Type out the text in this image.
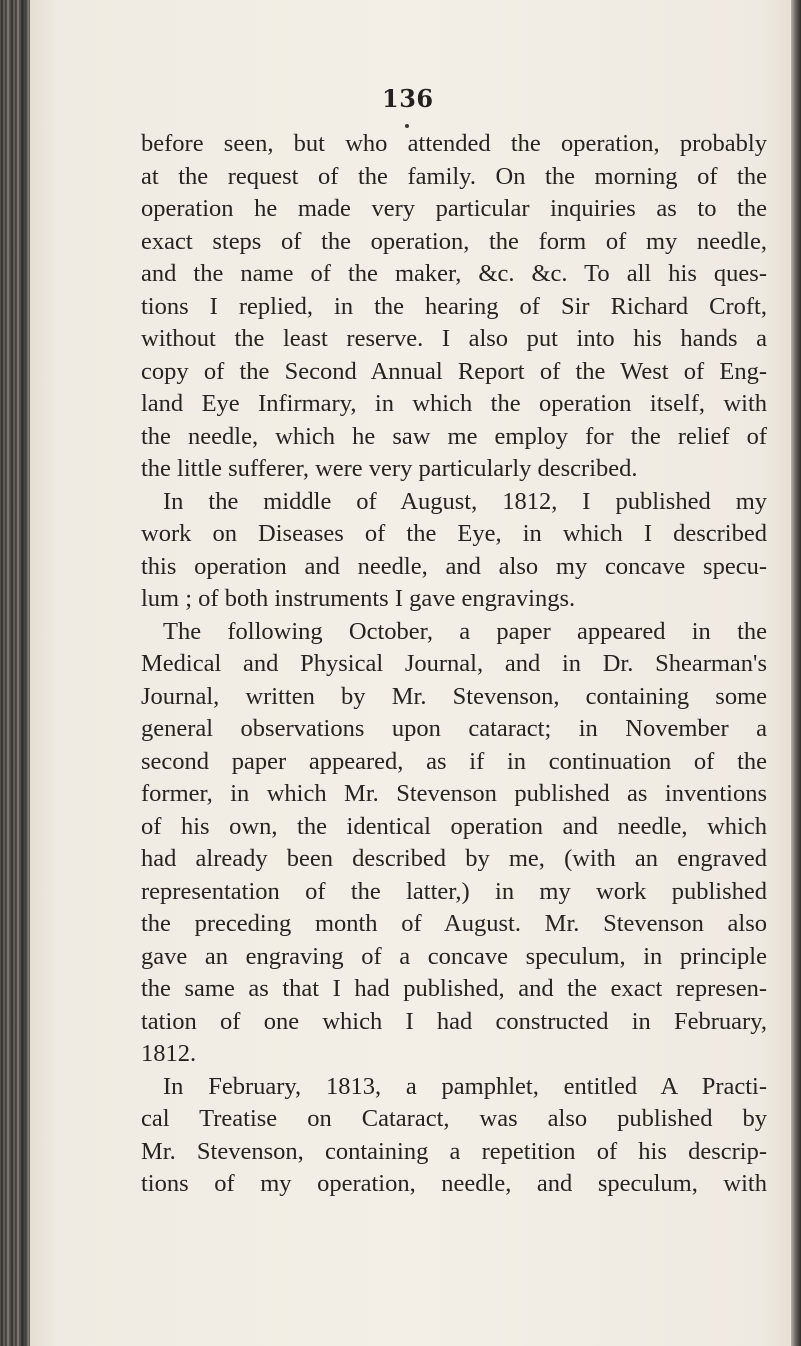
136
before seen, but who attended the operation, probably
at the request of the family. On the morning of the
operation he made very particular inquiries as to the
exact steps of the operation, the form of my needle,
and the name of the maker, &c. &c. To all his ques-
tions I replied, in the hearing of Sir Richard Croft,
without the least reserve. I also put into his hands a
copy of the Second Annual Report of the West of Eng-
land Eye Infirmary, in which the operation itself, with
the needle, which he saw me employ for the relief of
the little sufferer, were very particularly described.
In the middle of August, 1812, I published my
work on Diseases of the Eye, in which I described
this operation and needle, and also my concave specu-
lum ; of both instruments I gave engravings.
The following October, a paper appeared in the
Medical and Physical Journal, and in Dr. Shearman's
Journal, written by Mr. Stevenson, containing some
general observations upon cataract; in November a
second paper appeared, as if in continuation of the
former, in which Mr. Stevenson published as inventions
of his own, the identical operation and needle, which
had already been described by me, (with an engraved
representation of the latter,) in my work published
the preceding month of August. Mr. Stevenson also
gave an engraving of a concave speculum, in principle
the same as that I had published, and the exact represen-
tation of one which I had constructed in February,
1812.
In February, 1813, a pamphlet, entitled A Practi-
cal Treatise on Cataract, was also published by
Mr. Stevenson, containing a repetition of his descrip-
tions of my operation, needle, and speculum, with
